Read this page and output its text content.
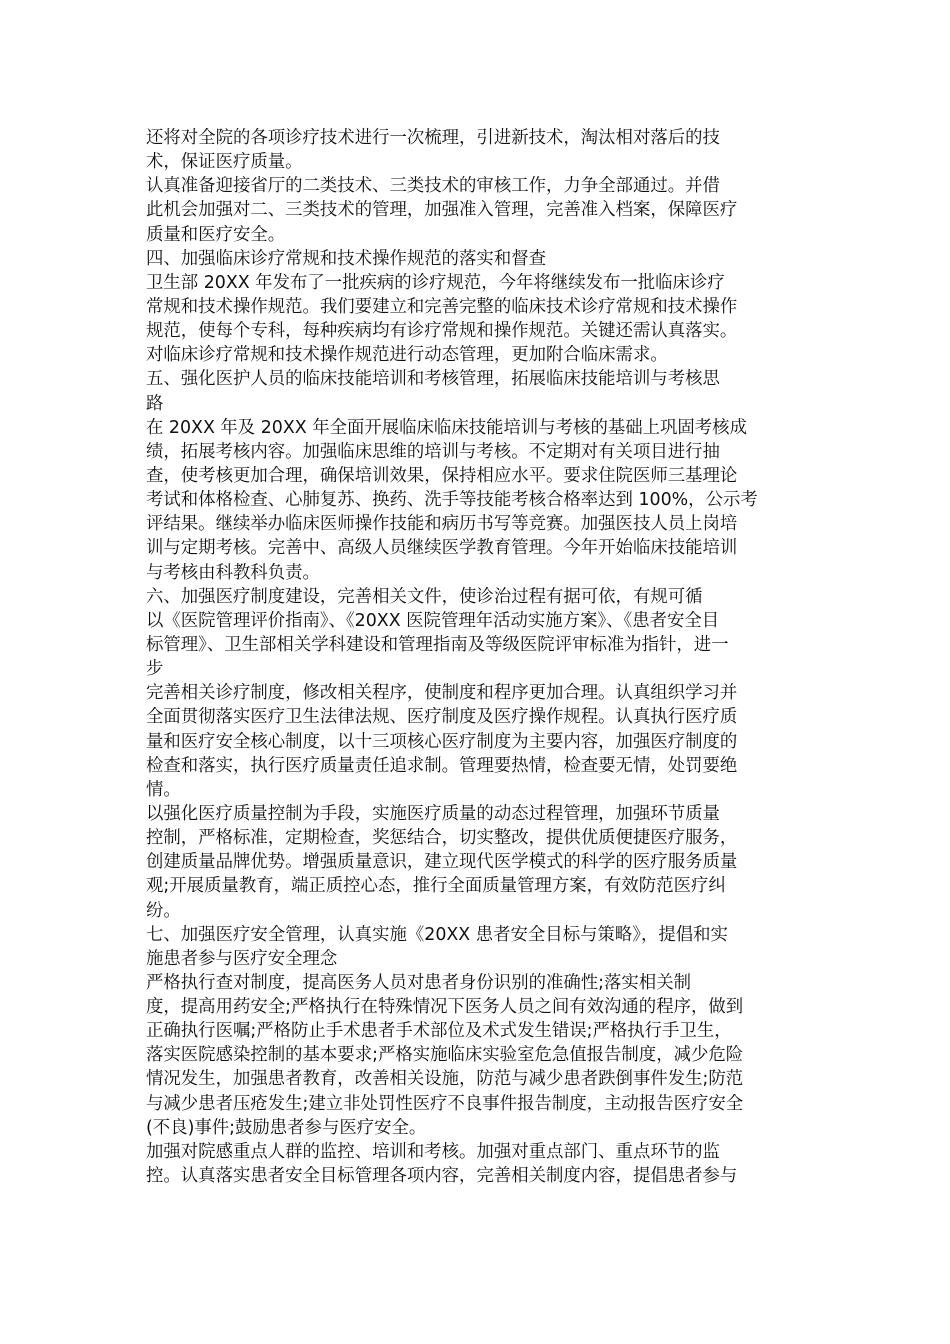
还将对全院的各项诊疗技术进行一次梳理，引进新技术，淘汰相对落后的技
术，保证医疗质量。
认真准备迎接省厅的二类技术、三类技术的审核工作，力争全部通过。并借
此机会加强对二、三类技术的管理，加强准入管理，完善准入档案，保障医疗
质量和医疗安全。
四、加强临床诊疗常规和技术操作规范的落实和督查
卫生部 20XX 年发布了一批疾病的诊疗规范，今年将继续发布一批临床诊疗
常规和技术操作规范。我们要建立和完善完整的临床技术诊疗常规和技术操作
规范，使每个专科，每种疾病均有诊疗常规和操作规范。关键还需认真落实。
对临床诊疗常规和技术操作规范进行动态管理，更加附合临床需求。
五、强化医护人员的临床技能培训和考核管理，拓展临床技能培训与考核思
路
在 20XX 年及 20XX 年全面开展临床临床技能培训与考核的基础上巩固考核成
绩，拓展考核内容。加强临床思维的培训与考核。不定期对有关项目进行抽
查，使考核更加合理，确保培训效果，保持相应水平。要求住院医师三基理论
考试和体格检查、心肺复苏、换药、洗手等技能考核合格率达到 100%，公示考
评结果。继续举办临床医师操作技能和病历书写等竞赛。加强医技人员上岗培
训与定期考核。完善中、高级人员继续医学教育管理。今年开始临床技能培训
与考核由科教科负责。
六、加强医疗制度建设，完善相关文件，使诊治过程有据可依，有规可循
以《医院管理评价指南》、《20XX 医院管理年活动实施方案》、《患者安全目
标管理》、卫生部相关学科建设和管理指南及等级医院评审标准为指针，进一
步
完善相关诊疗制度，修改相关程序，使制度和程序更加合理。认真组织学习并
全面贯彻落实医疗卫生法律法规、医疗制度及医疗操作规程。认真执行医疗质
量和医疗安全核心制度，以十三项核心医疗制度为主要内容，加强医疗制度的
检查和落实，执行医疗质量责任追求制。管理要热情，检查要无情，处罚要绝
情。
以强化医疗质量控制为手段，实施医疗质量的动态过程管理，加强环节质量
控制，严格标准，定期检查，奖惩结合，切实整改，提供优质便捷医疗服务，
创建质量品牌优势。增强质量意识，建立现代医学模式的科学的医疗服务质量
观;开展质量教育，端正质控心态，推行全面质量管理方案，有效防范医疗纠
纷。
七、加强医疗安全管理，认真实施《20XX 患者安全目标与策略》，提倡和实
施患者参与医疗安全理念
严格执行查对制度，提高医务人员对患者身份识别的准确性;落实相关制
度，提高用药安全;严格执行在特殊情况下医务人员之间有效沟通的程序，做到
正确执行医嘱;严格防止手术患者手术部位及术式发生错误;严格执行手卫生，
落实医院感染控制的基本要求;严格实施临床实验室危急值报告制度，减少危险
情况发生，加强患者教育，改善相关设施，防范与减少患者跌倒事件发生;防范
与减少患者压疮发生;建立非处罚性医疗不良事件报告制度，主动报告医疗安全
(不良)事件;鼓励患者参与医疗安全。
加强对院感重点人群的监控、培训和考核。加强对重点部门、重点环节的监
控。认真落实患者安全目标管理各项内容，完善相关制度内容，提倡患者参与
